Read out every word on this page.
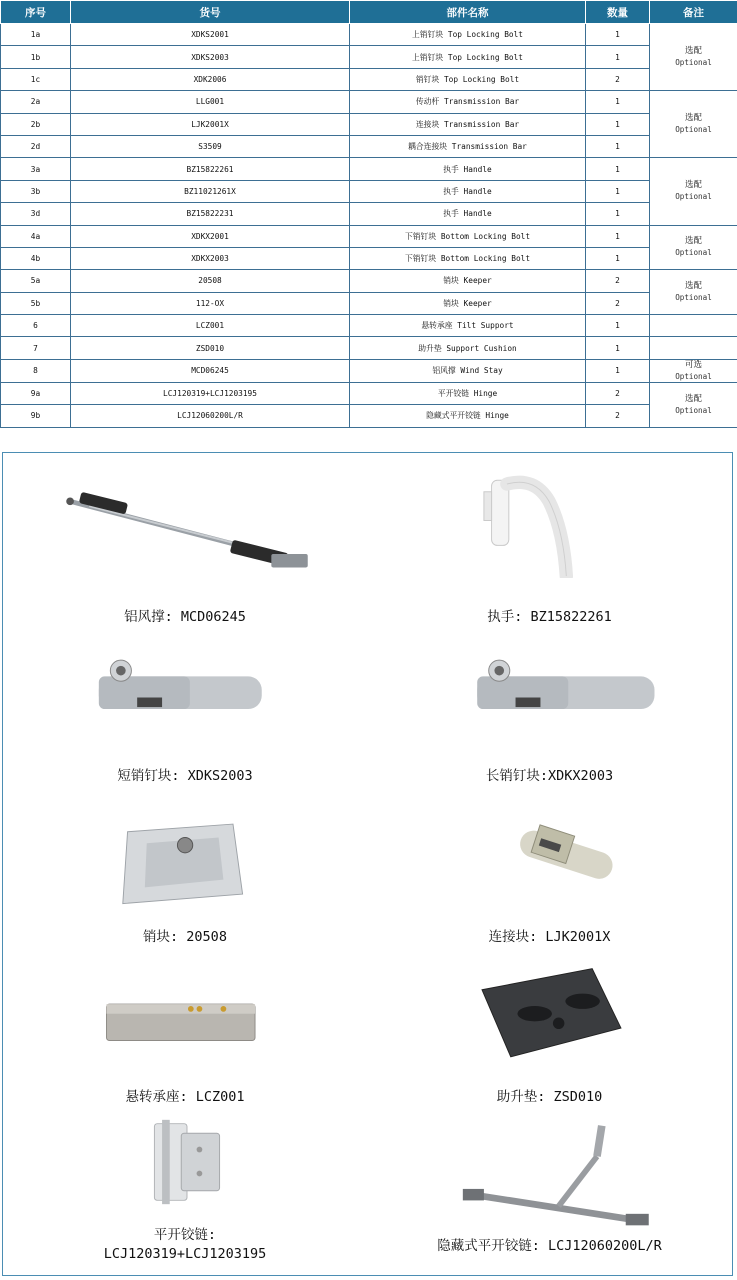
序号	货号	部件名称	数量	备注
1a	XDKS2001	上销钉块 Top Locking Bolt	1	选配
Optional

1b	XDKS2003	上销钉块 Top Locking Bolt	1	
1c	XDK2006	销钉块 Top Locking Bolt	2	
2a	LLG001	传动杆 Transmission Bar	1	选配
Optional

2b	LJK2001X	连接块 Transmission Bar	1	
2d	S3509	耦合连接块 Transmission Bar	1	
3a	BZ15822261	执手 Handle	1	选配
Optional

3b	BZ11021261X	执手 Handle	1	
3d	BZ15822231	执手 Handle	1	
4a	XDKX2001	下销钉块 Bottom Locking Bolt	1	选配
Optional

4b	XDKX2003	下销钉块 Bottom Locking Bolt	1	
5a	20508	销块 Keeper	2	选配
Optional

5b	112-OX	销块 Keeper	2	
6	LCZ001	悬转承座 Tilt Support	1	
7	ZSD010	助升垫 Support Cushion	1	
8	MCD06245	铝风撑 Wind Stay	1	可选
Optional

9a	LCJ120319+LCJ1203195	平开铰链 Hinge	2	选配
Optional

9b	LCJ12060200L/R	隐藏式平开铰链 Hinge	2	
铝风撑: MCD06245	执手: BZ15822261
短销钉块: XDKS2003	长销钉块:XDKX2003
销块: 20508	连接块: LJK2001X
悬转承座: LCZ001	助升垫: ZSD010
平开铰链:
LCJ120319+LCJ1203195	隐藏式平开铰链: LCJ12060200L/R
